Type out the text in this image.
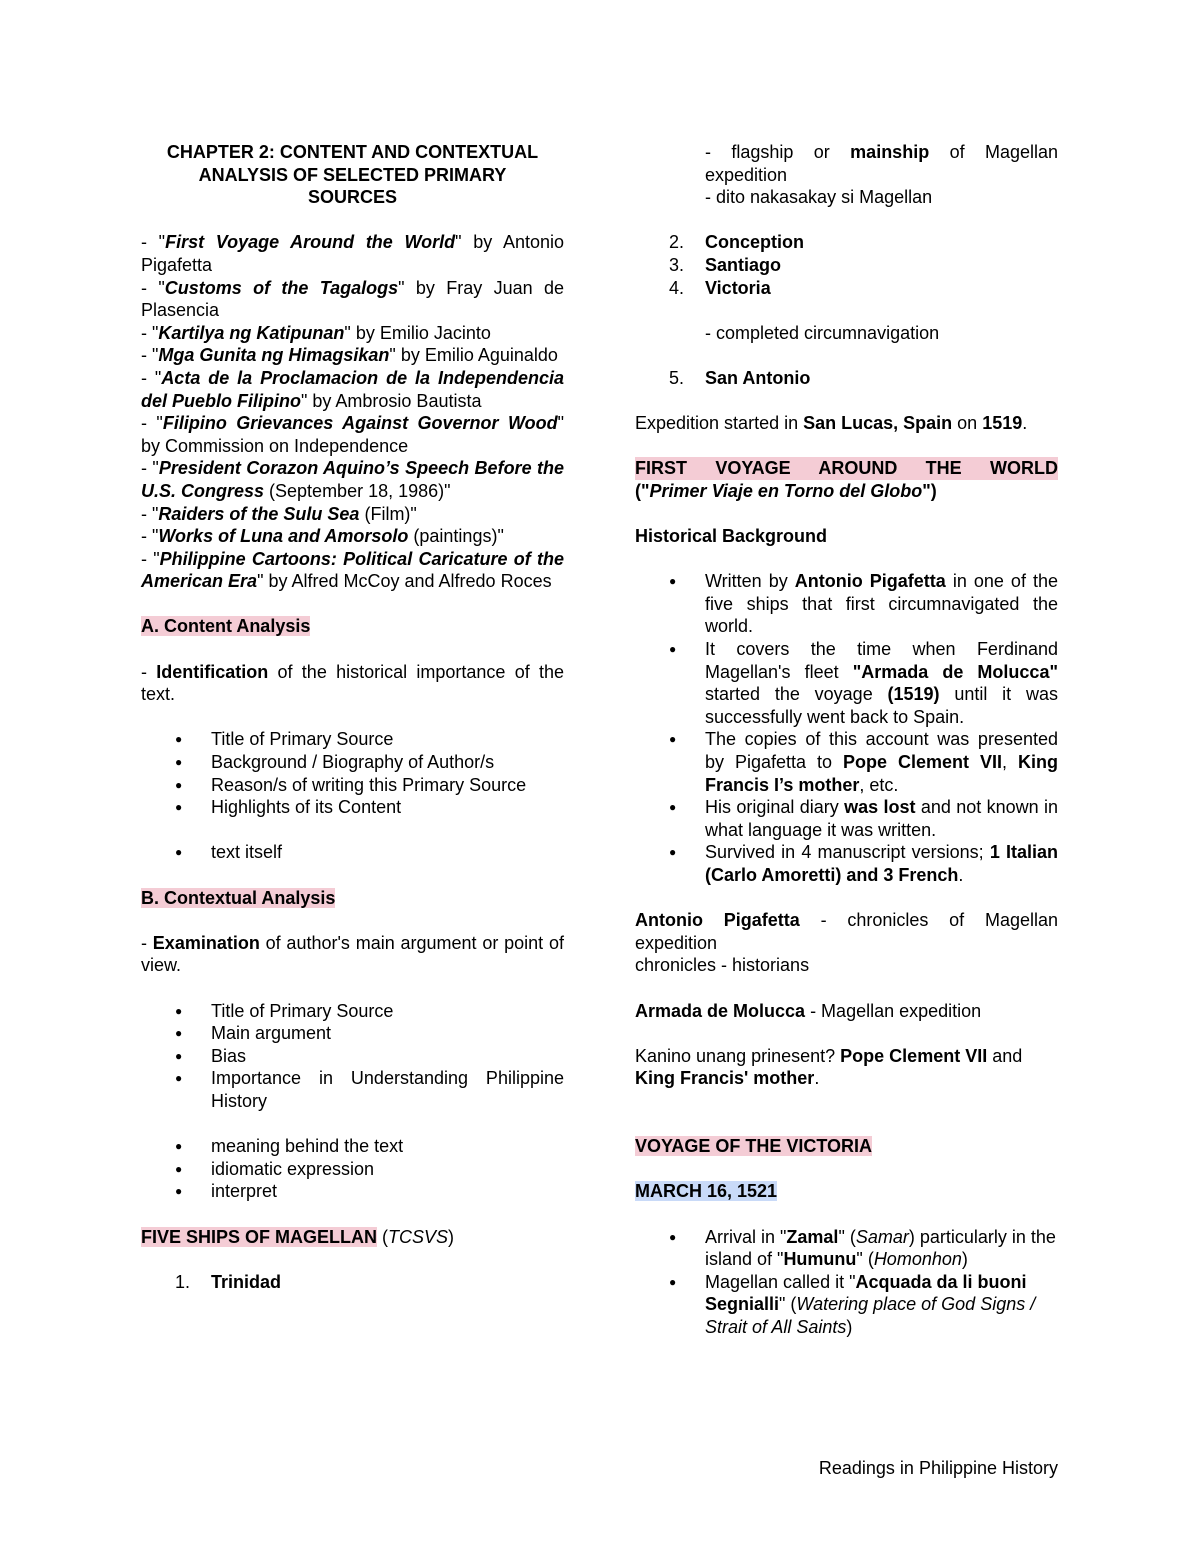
CHAPTER 2: CONTENT AND CONTEXTUAL
ANALYSIS OF SELECTED PRIMARY
SOURCES
- "First Voyage Around the World" by Antonio Pigafetta
- "Customs of the Tagalogs" by Fray Juan de Plasencia
- "Kartilya ng Katipunan" by Emilio Jacinto
- "Mga Gunita ng Himagsikan" by Emilio Aguinaldo
- "Acta de la Proclamacion de la Independencia del Pueblo Filipino" by Ambrosio Bautista
- "Filipino Grievances Against Governor Wood" by Commission on Independence
- "President Corazon Aquino’s Speech Before the U.S. Congress (September 18, 1986)"
- "Raiders of the Sulu Sea (Film)"
- "Works of Luna and Amorsolo (paintings)"
- "Philippine Cartoons: Political Caricature of the American Era" by Alfred McCoy and Alfredo Roces
A. Content Analysis
- Identification of the historical importance of the text.
● Title of Primary Source
● Background / Biography of Author/s
● Reason/s of writing this Primary Source
● Highlights of its Content
● text itself
B. Contextual Analysis
- Examination of author's main argument or point of view.
● Title of Primary Source
● Main argument
● Bias
● Importance in Understanding Philippine History
● meaning behind the text
● idiomatic expression
● interpret
FIVE SHIPS OF MAGELLAN (TCSVS)
1. Trinidad
- flagship or mainship of Magellan expedition
- dito nakasakay si Magellan
2. Conception
3. Santiago
4. Victoria
- completed circumnavigation
5. San Antonio
Expedition started in San Lucas, Spain on 1519.
FIRST VOYAGE AROUND THE WORLD
("Primer Viaje en Torno del Globo")
Historical Background
● Written by Antonio Pigafetta in one of the five ships that first circumnavigated the world.
● It covers the time when Ferdinand Magellan's fleet "Armada de Molucca" started the voyage (1519) until it was successfully went back to Spain.
● The copies of this account was presented by Pigafetta to Pope Clement VII, King Francis I’s mother, etc.
● His original diary was lost and not known in what language it was written.
● Survived in 4 manuscript versions; 1 Italian (Carlo Amoretti) and 3 French.
Antonio Pigafetta - chronicles of Magellan expedition
chronicles - historians
Armada de Molucca - Magellan expedition
Kanino unang prinesent? Pope Clement VII and King Francis' mother.
VOYAGE OF THE VICTORIA
MARCH 16, 1521
● Arrival in "Zamal" (Samar) particularly in the island of "Humunu" (Homonhon)
● Magellan called it "Acquada da li buoni Segnialli" (Watering place of God Signs / Strait of All Saints)
Readings in Philippine History
